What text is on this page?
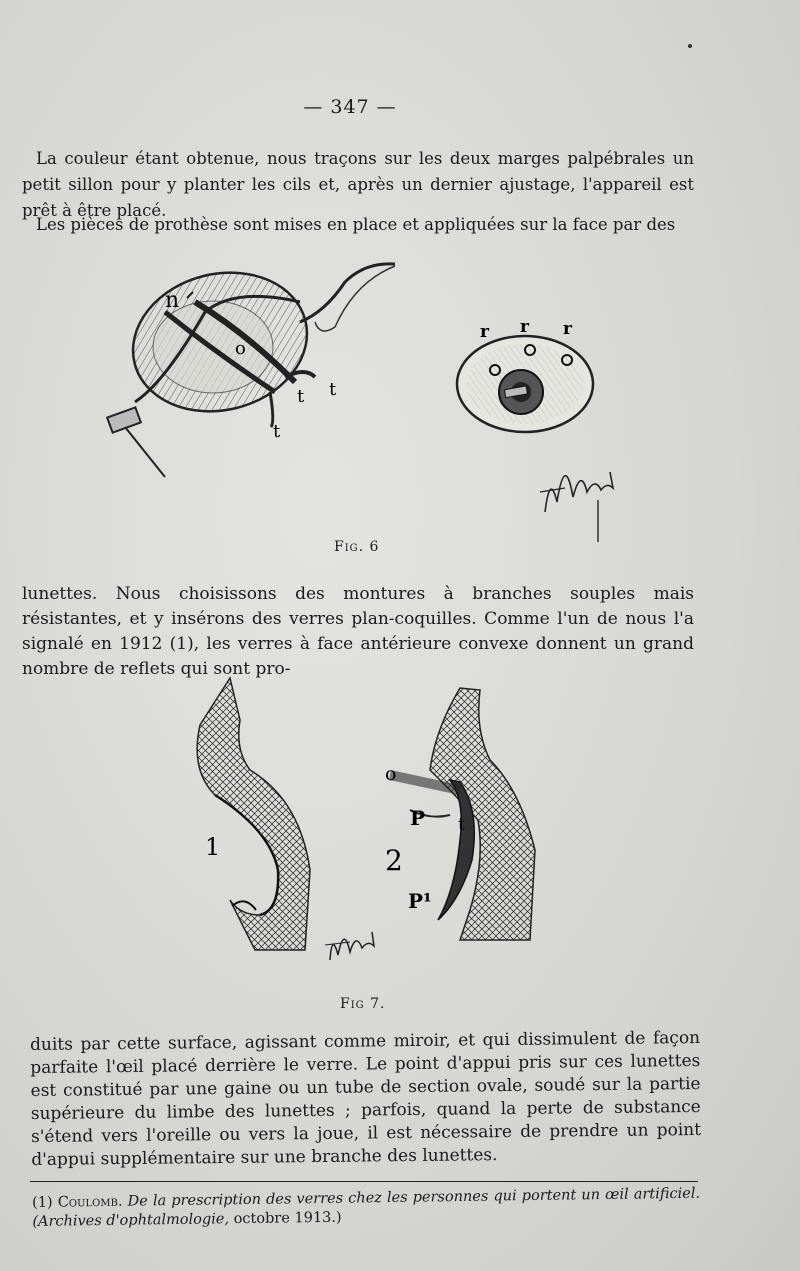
— 347 —

La couleur étant obtenue, nous traçons sur les deux marges palpébrales un petit sillon pour y planter les cils et, après un dernier ajustage, l'appareil est prêt à être placé.

Les pièces de prothèse sont mises en place et appliquées sur la face par des

n
o
t t
t
r r r
Fig. 6

lunettes. Nous choisissons des montures à branches souples mais résistantes, et y insérons des verres plan-coquilles. Comme l'un de nous l'a signalé en 1912 (1), les verres à face antérieure convexe donnent un grand nombre de reflets qui sont pro-

1
o
P t
2
P¹
Fig 7.

duits par cette surface, agissant comme miroir, et qui dissimulent de façon parfaite l'œil placé derrière le verre. Le point d'appui pris sur ces lunettes est constitué par une gaine ou un tube de section ovale, soudé sur la partie supérieure du limbe des lunettes ; parfois, quand la perte de substance s'étend vers l'oreille ou vers la joue, il est nécessaire de prendre un point d'appui supplémentaire sur une branche des lunettes.

(1) Coulomb. De la prescription des verres chez les personnes qui portent un œil artificiel. (Archives d'ophtalmologie, octobre 1913.)
